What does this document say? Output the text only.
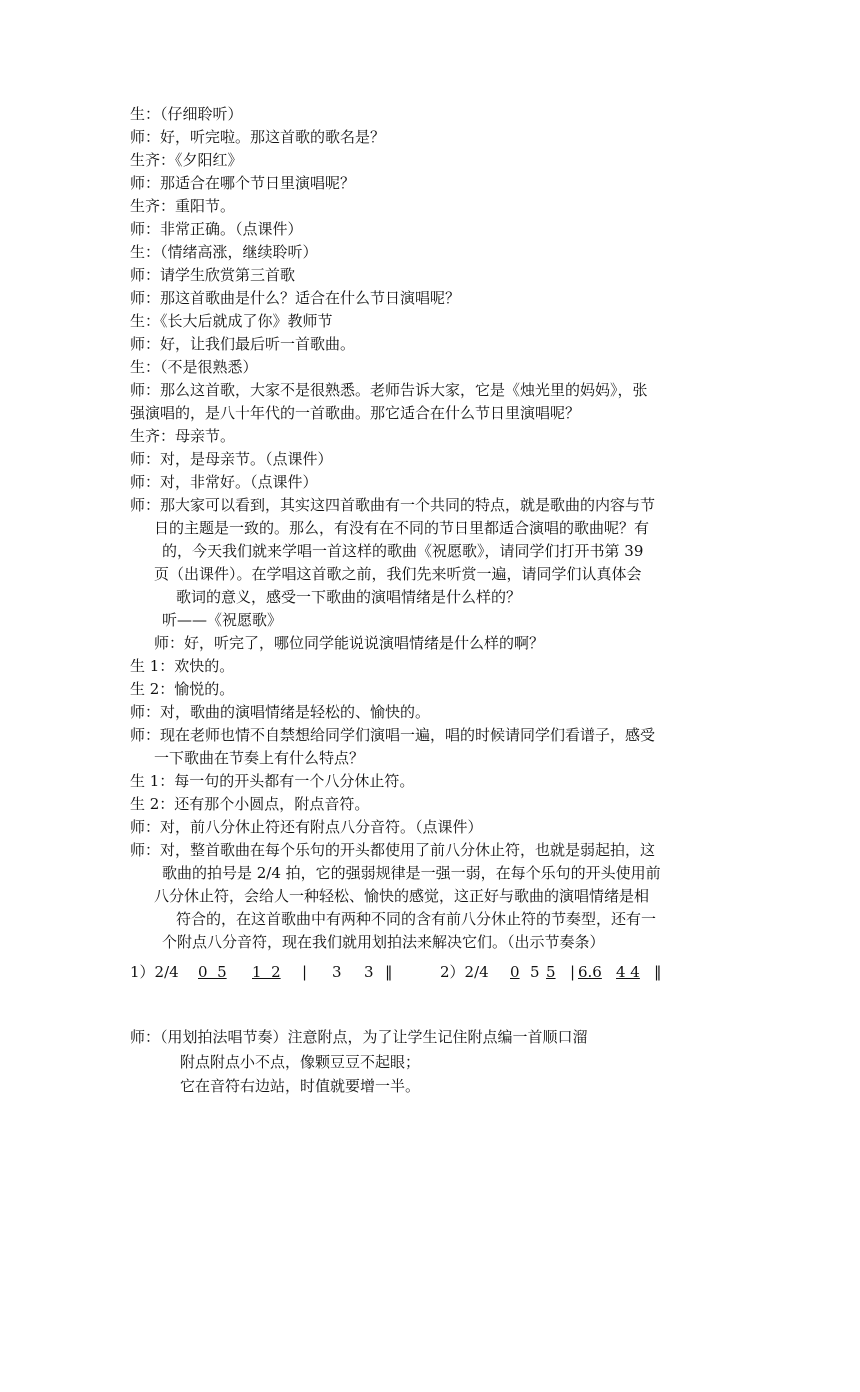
生：（仔细聆听）
师：好，听完啦。那这首歌的歌名是？
生齐：《夕阳红》
师：那适合在哪个节日里演唱呢？
生齐：重阳节。
师：非常正确。（点课件）
生：（情绪高涨，继续聆听）
师：请学生欣赏第三首歌
师：那这首歌曲是什么？适合在什么节日演唱呢？
生：《长大后就成了你》教师节
师：好，让我们最后听一首歌曲。
生：（不是很熟悉）
师：那么这首歌，大家不是很熟悉。老师告诉大家，它是《烛光里的妈妈》，张
强演唱的，是八十年代的一首歌曲。那它适合在什么节日里演唱呢？
生齐：母亲节。
师：对，是母亲节。（点课件）
师：对，非常好。（点课件）
师：那大家可以看到，其实这四首歌曲有一个共同的特点，就是歌曲的内容与节
日的主题是一致的。那么，有没有在不同的节日里都适合演唱的歌曲呢？有
的，今天我们就来学唱一首这样的歌曲《祝愿歌》，请同学们打开书第 39
页（出课件）。在学唱这首歌之前，我们先来听赏一遍，请同学们认真体会
歌词的意义，感受一下歌曲的演唱情绪是什么样的？
听——《祝愿歌》
师：好，听完了，哪位同学能说说演唱情绪是什么样的啊？
生 1：欢快的。
生 2：愉悦的。
师：对，歌曲的演唱情绪是轻松的、愉快的。
师：现在老师也情不自禁想给同学们演唱一遍，唱的时候请同学们看谱子，感受
一下歌曲在节奏上有什么特点？
生 1：每一句的开头都有一个八分休止符。
生 2：还有那个小圆点，附点音符。
师：对，前八分休止符还有附点八分音符。（点课件）
师：对，整首歌曲在每个乐句的开头都使用了前八分休止符，也就是弱起拍，这
歌曲的拍号是 2/4 拍，它的强弱规律是一强一弱，在每个乐句的开头使用前
八分休止符，会给人一种轻松、愉快的感觉，这正好与歌曲的演唱情绪是相
符合的，在这首歌曲中有两种不同的含有前八分休止符的节奏型，还有一
个附点八分音符，现在我们就用划拍法来解决它们。（出示节奏条）

1）2/4

0  5

1  2

|

3

3

‖

	2）2/4

0

5

5

|

6.6

4 4

‖

师：（用划拍法唱节奏）注意附点，为了让学生记住附点编一首顺口溜
附点附点小不点，像颗豆豆不起眼；
它在音符右边站，时值就要增一半。
